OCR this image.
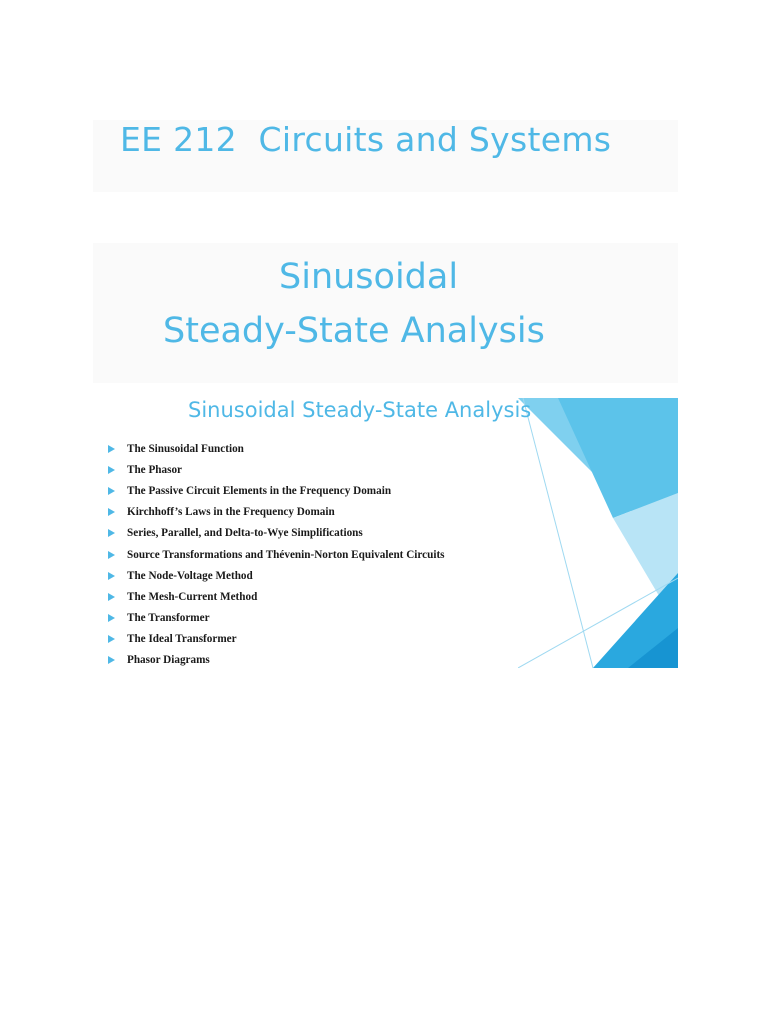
EE 212  Circuits and Systems
Sinusoidal
Steady-State Analysis
Sinusoidal Steady-State Analysis
The Sinusoidal Function
The Phasor
The Passive Circuit Elements in the Frequency Domain
Kirchhoff’s Laws in the Frequency Domain
Series, Parallel, and Delta-to-Wye Simplifications
Source Transformations and Thévenin-Norton Equivalent Circuits
The Node-Voltage Method
The Mesh-Current Method
The Transformer
The Ideal Transformer
Phasor Diagrams
